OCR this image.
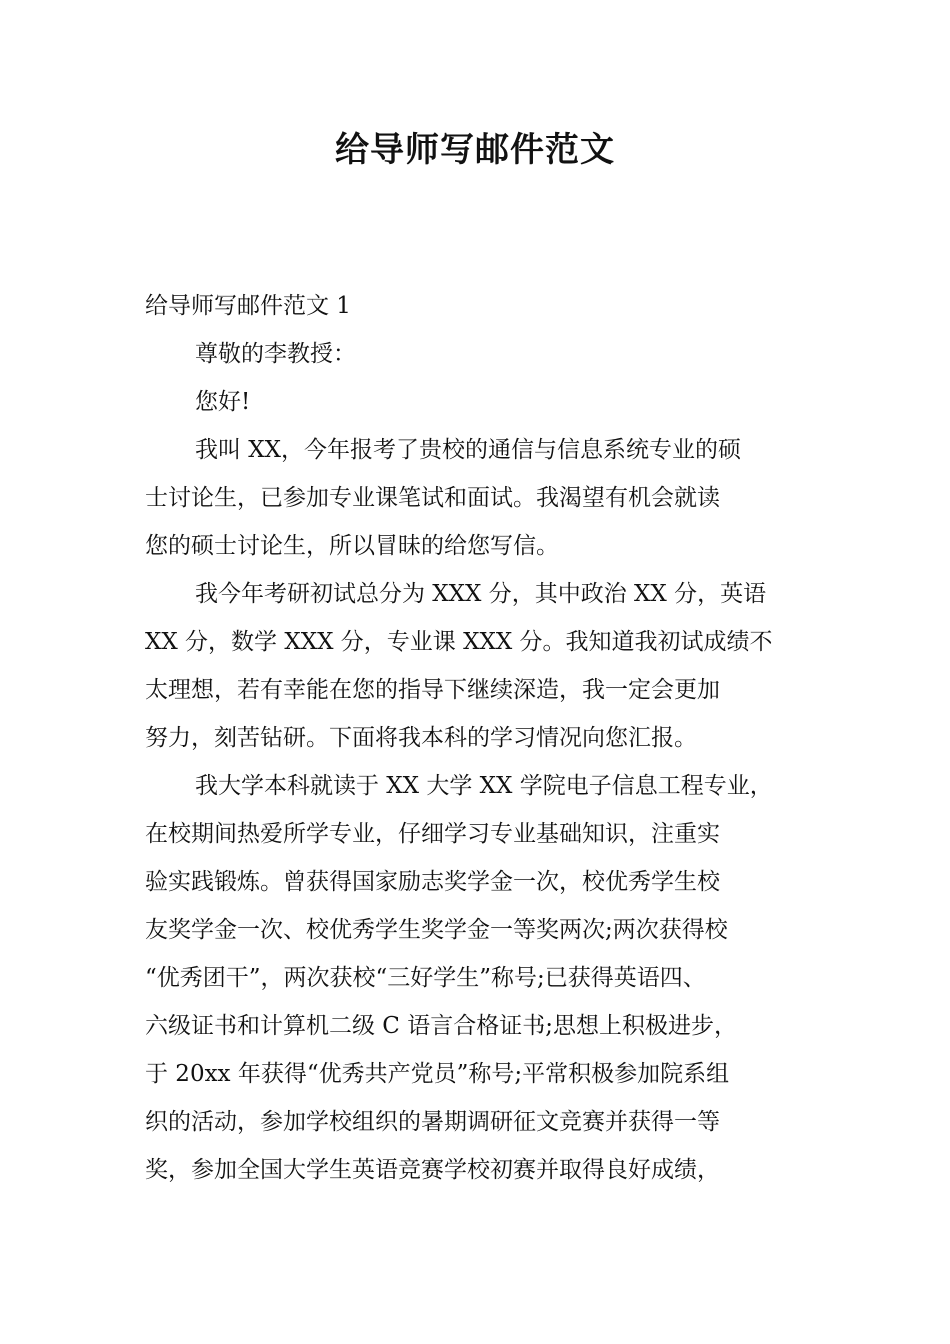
给导师写邮件范文
给导师写邮件范文 1
尊敬的李教授：
您好!
我叫 XX，今年报考了贵校的通信与信息系统专业的硕
士讨论生，已参加专业课笔试和面试。我渴望有机会就读
您的硕士讨论生，所以冒昧的给您写信。
我今年考研初试总分为 XXX 分，其中政治 XX 分，英语
XX 分，数学 XXX 分，专业课 XXX 分。我知道我初试成绩不
太理想，若有幸能在您的指导下继续深造，我一定会更加
努力，刻苦钻研。下面将我本科的学习情况向您汇报。
我大学本科就读于 XX 大学 XX 学院电子信息工程专业，
在校期间热爱所学专业，仔细学习专业基础知识，注重实
验实践锻炼。曾获得国家励志奖学金一次，校优秀学生校
友奖学金一次、校优秀学生奖学金一等奖两次;两次获得校
“优秀团干”，两次获校“三好学生”称号;已获得英语四、
六级证书和计算机二级 C 语言合格证书;思想上积极进步，
于 20xx 年获得“优秀共产党员”称号;平常积极参加院系组
织的活动，参加学校组织的暑期调研征文竞赛并获得一等
奖，参加全国大学生英语竞赛学校初赛并取得良好成绩，
